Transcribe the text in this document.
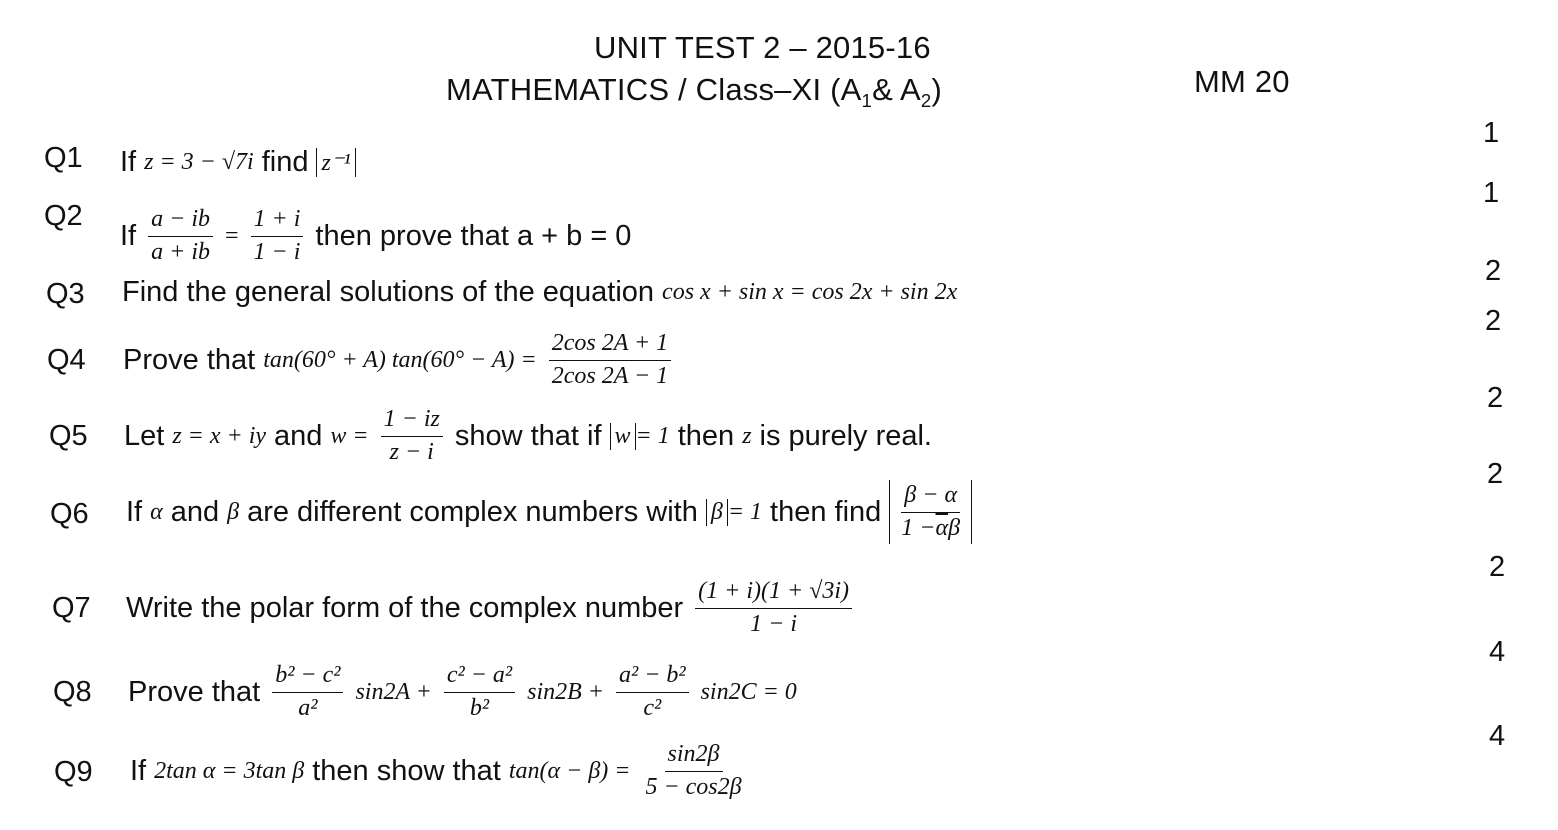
UNIT TEST 2 – 2015-16
MATHEMATICS / Class–XI ($A_1\&$ $A_2$)	MM 20
1
1
2
2
2
2
2
4
4
Q1 If z = 3 − √7i find z⁻¹
Q2
If $\frac{a - ib}{a + ib} = \frac{1 + i}{1 - i}$ then prove that a + b = 0
Q3 Find the general solutions of the equation cos x + sin x = cos 2x + sin 2x
Q4 Prove that tan(60° + A) $\tan(60^\circ - A) = \frac{2\cos 2A + 1}{2\cos 2A - 1}$
Q5 Let z = x + iy and $w = \frac{1 - iz}{z - i}$ show that if w = 1 then z is purely real.
Q6 If α and β are different complex numbers with β = 1 then find $\frac{\beta - \alpha}{1 -\overline{\alpha}\beta}$
Q7 Write the polar form of the complex number $\frac{(1 + i)(1 + √3i)}{1 - i}$
Q8 Prove that $\frac{\text{b² − c²}}{\text{a²}} \sin 2A + \frac{\text{c² − a²}}{\text{b²}} \sin 2B + \frac{\text{a² − b²}}{\text{c²}} \sin 2C = 0$
Q9 If 2tan α = 3tan β then show that $\tan(\alpha - \beta) = \frac{\sin 2\beta}{5 - \cos 2\beta}$
